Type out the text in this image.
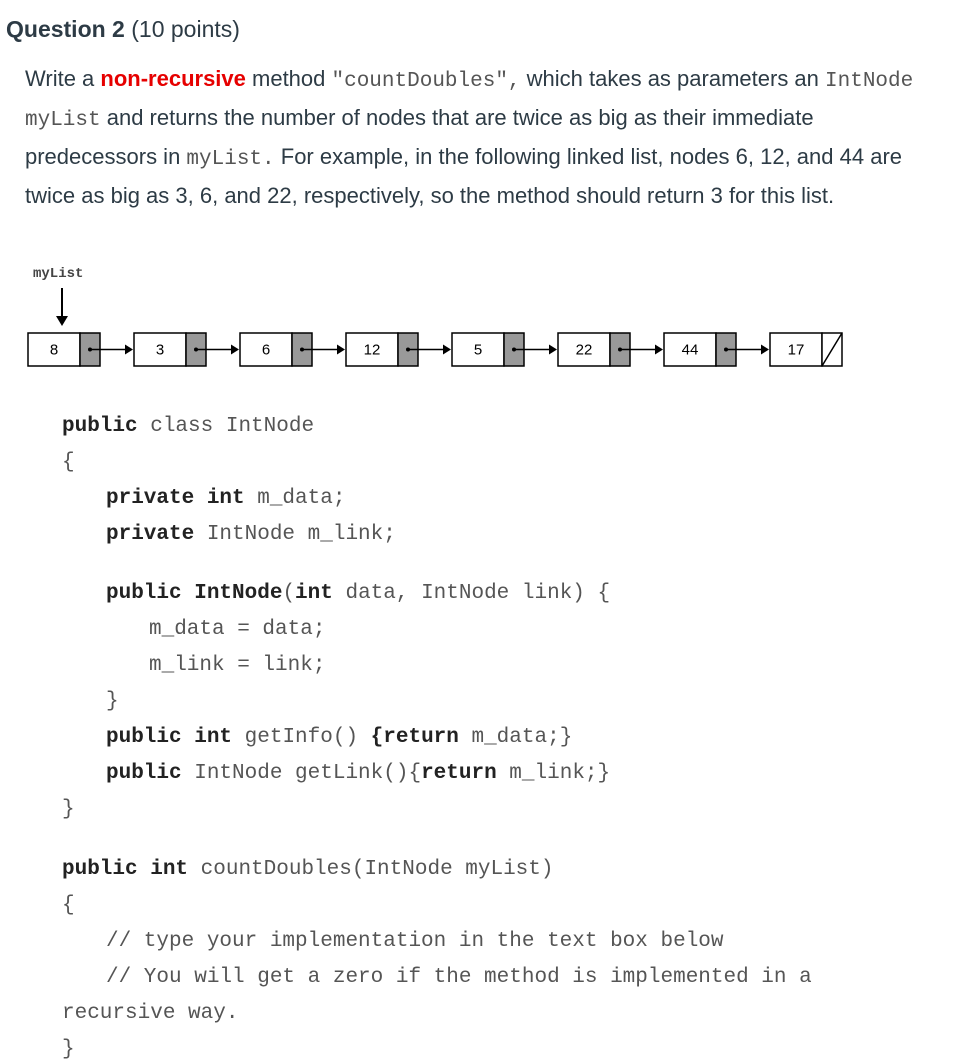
Question 2 (10 points)
Write a non-recursive method "countDoubles", which takes as parameters an IntNode myList and returns the number of nodes that are twice as big as their immediate predecessors in myList. For example, in the following linked list, nodes 6, 12, and 44 are twice as big as 3, 6, and 22, respectively, so the method should return 3 for this list.
myList
8	3	6	12	5	22	44	17
public class IntNode
{
private int m_data;
private IntNode m_link;
public IntNode(int data, IntNode link) {
m_data = data;
m_link = link;
}
public int getInfo() {return m_data;}
public IntNode getLink(){return m_link;}
}
public int countDoubles(IntNode myList)
{
// type your implementation in the text box below
// You will get a zero if the method is implemented in a
recursive way.
}
